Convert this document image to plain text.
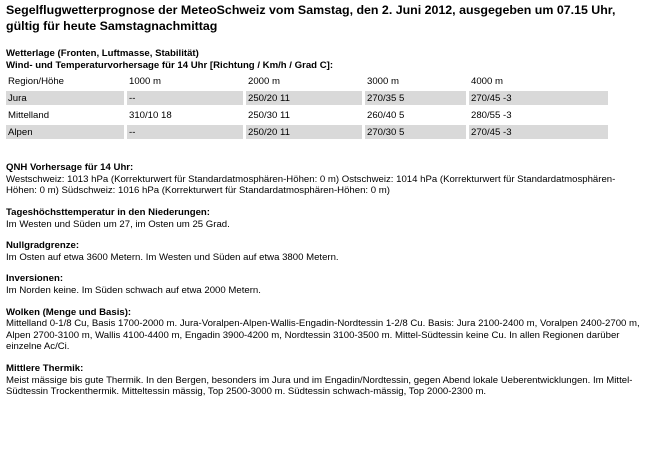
Segelflugwetterprognose der MeteoSchweiz vom Samstag, den 2. Juni 2012, ausgegeben um 07.15 Uhr, gültig für heute Samstagnachmittag
Wetterlage (Fronten, Luftmasse, Stabilität)
Wind- und Temperaturvorhersage für 14 Uhr [Richtung / Km/h / Grad C]:
Region/Höhe	1000 m	2000 m	3000 m	4000 m
Jura	--	250/20 11	270/35 5	270/45 -3
Mittelland	310/10 18	250/30 11	260/40 5	280/55 -3
Alpen	--	250/20 11	270/30 5	270/45 -3
QNH Vorhersage für 14 Uhr:
Westschweiz: 1013 hPa (Korrekturwert für Standardatmosphären-Höhen: 0 m) Ostschweiz: 1014 hPa (Korrekturwert für Standardatmosphären-Höhen: 0 m) Südschweiz: 1016 hPa (Korrekturwert für Standardatmosphären-Höhen: 0 m)
Tageshöchsttemperatur in den Niederungen:
Im Westen und Süden um 27, im Osten um 25 Grad.
Nullgradgrenze:
Im Osten auf etwa 3600 Metern. Im Westen und Süden auf etwa 3800 Metern.
Inversionen:
Im Norden keine. Im Süden schwach auf etwa 2000 Metern.
Wolken (Menge und Basis):
Mittelland 0-1/8 Cu, Basis 1700-2000 m. Jura-Voralpen-Alpen-Wallis-Engadin-Nordtessin 1-2/8 Cu. Basis: Jura 2100-2400 m, Voralpen 2400-2700 m, Alpen 2700-3100 m, Wallis 4100-4400 m, Engadin 3900-4200 m, Nordtessin 3100-3500 m. Mittel-Südtessin keine Cu. In allen Regionen darüber einzelne Ac/Ci.
Mittlere Thermik:
Meist mässige bis gute Thermik. In den Bergen, besonders im Jura und im Engadin/Nordtessin, gegen Abend lokale Ueberentwicklungen. Im Mittel-Südtessin Trockenthermik. Mitteltessin mässig, Top 2500-3000 m. Südtessin schwach-mässig, Top 2000-2300 m.
